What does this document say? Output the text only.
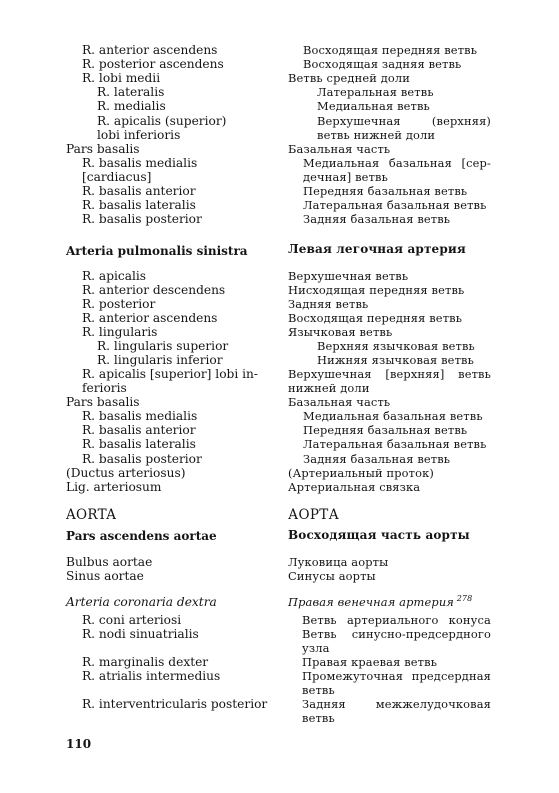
R. anterior ascendens
R. posterior ascendens
R. lobi medii
R. lateralis
R. medialis
R. apicalis (superior)
lobi inferioris
Pars basalis
R. basalis medialis
[cardiacus]
R. basalis anterior
R. basalis lateralis
R. basalis posterior
Arteria pulmonalis sinistra
R. apicalis
R. anterior descendens
R. posterior
R. anterior ascendens
R. lingularis
R. lingularis superior
R. lingularis inferior
R. apicalis [superior] lobi in-
ferioris
Pars basalis
R. basalis medialis
R. basalis anterior
R. basalis lateralis
R. basalis posterior
(Ductus arteriosus)
Lig. arteriosum
AORTA
Pars ascendens aortae
Bulbus aortae
Sinus aortae
Arteria coronaria dextra
R. coni arteriosi
R. nodi sinuatrialis
R. marginalis dexter
R. atrialis intermedius
R. interventricularis posterior
Восходящая передняя ветвь
Восходящая задняя ветвь
Ветвь средней доли
Латеральная ветвь
Медиальная ветвь
Верхушечная	(верхняя)
ветвь нижней доли
Базальная часть
Медиальная базальная [сер-
дечная] ветвь
Передняя базальная ветвь
Латеральная базальная ветвь
Задняя базальная ветвь
Левая легочная артерия
Верхушечная ветвь
Нисходящая передняя ветвь
Задняя ветвь
Восходящая передняя ветвь
Язычковая ветвь
Верхняя язычковая ветвь
Нижняя язычковая ветвь
Верхушечная [верхняя] ветвь
нижней доли
Базальная часть
Медиальная базальная ветвь
Передняя базальная ветвь
Латеральная базальная ветвь
Задняя базальная ветвь
(Артериальный проток)
Артериальная связка
АОРТА
Восходящая часть аорты
Луковица аорты
Синусы аорты
Правая венечная артерия $^{278}$
Ветвь артериального конуса
Ветвь синусно-предсердного
узла
Правая краевая ветвь
Промежуточная предсердная
ветвь
Задняя	межжелудочковая
ветвь
110
